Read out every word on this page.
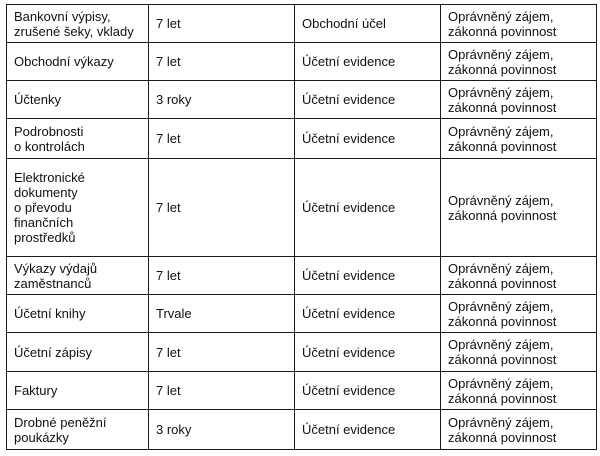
Bankovní výpisy,
zrušené šeky, vklady	7 let	Obchodní účel	Oprávněný zájem,
zákonná povinnost

Obchodní výkazy	7 let	Účetní evidence	Oprávněný zájem,
zákonná povinnost

Účtenky	3 roky	Účetní evidence	Oprávněný zájem,
zákonná povinnost

Podrobnosti
o kontrolách	7 let	Účetní evidence	Oprávněný zájem,
zákonná povinnost

Elektronické
dokumenty
o převodu
finančních
prostředků	7 let	Účetní evidence	Oprávněný zájem,
zákonná povinnost

Výkazy výdajů
zaměstnanců	7 let	Účetní evidence	Oprávněný zájem,
zákonná povinnost

Účetní knihy	Trvale	Účetní evidence	Oprávněný zájem,
zákonná povinnost

Účetní zápisy	7 let	Účetní evidence	Oprávněný zájem,
zákonná povinnost

Faktury	7 let	Účetní evidence	Oprávněný zájem,
zákonná povinnost

Drobné peněžní
poukázky	3 roky	Účetní evidence	Oprávněný zájem,
zákonná povinnost
